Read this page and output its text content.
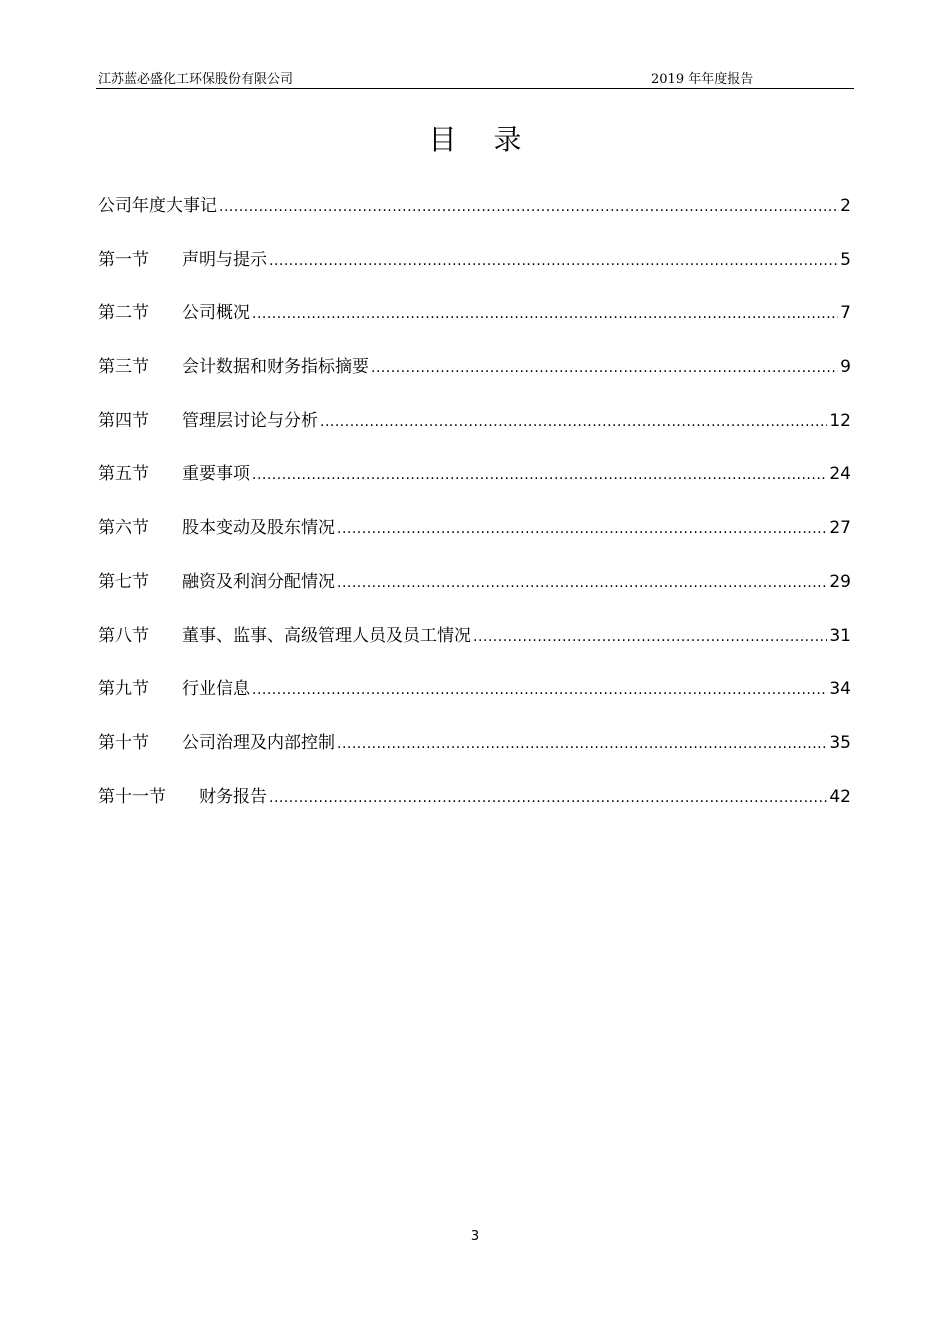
江苏蓝必盛化工环保股份有限公司	2019 年年度报告
目 录
公司年度大事记 .....	2
第一节	声明与提示 .....	5
第二节	公司概况 .....	7
第三节	会计数据和财务指标摘要 .....	9
第四节	管理层讨论与分析 .....	12
第五节	重要事项 .....	24
第六节	股本变动及股东情况 .....	27
第七节	融资及利润分配情况 .....	29
第八节	董事、监事、高级管理人员及员工情况 .....	31
第九节	行业信息 .....	34
第十节	公司治理及内部控制 .....	35
第十一节	财务报告 .....	42
3
